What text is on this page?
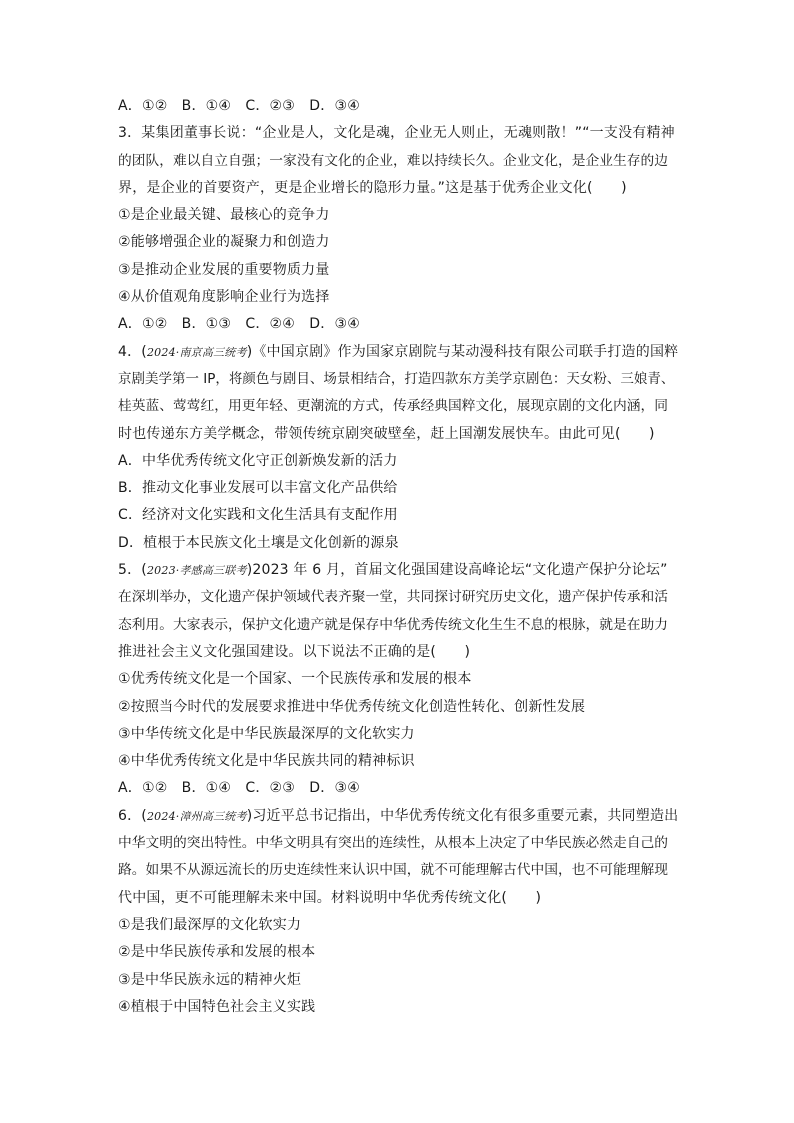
A．①②　B．①④　C．②③　D．③④
3．某集团董事长说：“企业是人，文化是魂，企业无人则止，无魂则散！”“一支没有精神
的团队，难以自立自强；一家没有文化的企业，难以持续长久。企业文化，是企业生存的边
界，是企业的首要资产，更是企业增长的隐形力量。”这是基于优秀企业文化(　　)
①是企业最关键、最核心的竞争力
②能够增强企业的凝聚力和创造力
③是推动企业发展的重要物质力量
④从价值观角度影响企业行为选择
A．①②　B．①③　C．②④　D．③④
4．(2024·南京高三统考)《中国京剧》作为国家京剧院与某动漫科技有限公司联手打造的国粹
京剧美学第一 IP，将颜色与剧目、场景相结合，打造四款东方美学京剧色：天女粉、三娘青、
桂英蓝、莺莺红，用更年轻、更潮流的方式，传承经典国粹文化，展现京剧的文化内涵，同
时也传递东方美学概念，带领传统京剧突破壁垒，赶上国潮发展快车。由此可见(　　)
A．中华优秀传统文化守正创新焕发新的活力
B．推动文化事业发展可以丰富文化产品供给
C．经济对文化实践和文化生活具有支配作用
D．植根于本民族文化土壤是文化创新的源泉
5．(2023·孝感高三联考)2023 年 6 月，首届文化强国建设高峰论坛“文化遗产保护分论坛”
在深圳举办，文化遗产保护领域代表齐聚一堂，共同探讨研究历史文化，遗产保护传承和活
态利用。大家表示，保护文化遗产就是保存中华优秀传统文化生生不息的根脉，就是在助力
推进社会主义文化强国建设。以下说法不正确的是(　　)
①优秀传统文化是一个国家、一个民族传承和发展的根本
②按照当今时代的发展要求推进中华优秀传统文化创造性转化、创新性发展
③中华传统文化是中华民族最深厚的文化软实力
④中华优秀传统文化是中华民族共同的精神标识
A．①②　B．①④　C．②③　D．③④
6．(2024·漳州高三统考)习近平总书记指出，中华优秀传统文化有很多重要元素，共同塑造出
中华文明的突出特性。中华文明具有突出的连续性，从根本上决定了中华民族必然走自己的
路。如果不从源远流长的历史连续性来认识中国，就不可能理解古代中国，也不可能理解现
代中国，更不可能理解未来中国。材料说明中华优秀传统文化(　　)
①是我们最深厚的文化软实力
②是中华民族传承和发展的根本
③是中华民族永远的精神火炬
④植根于中国特色社会主义实践
